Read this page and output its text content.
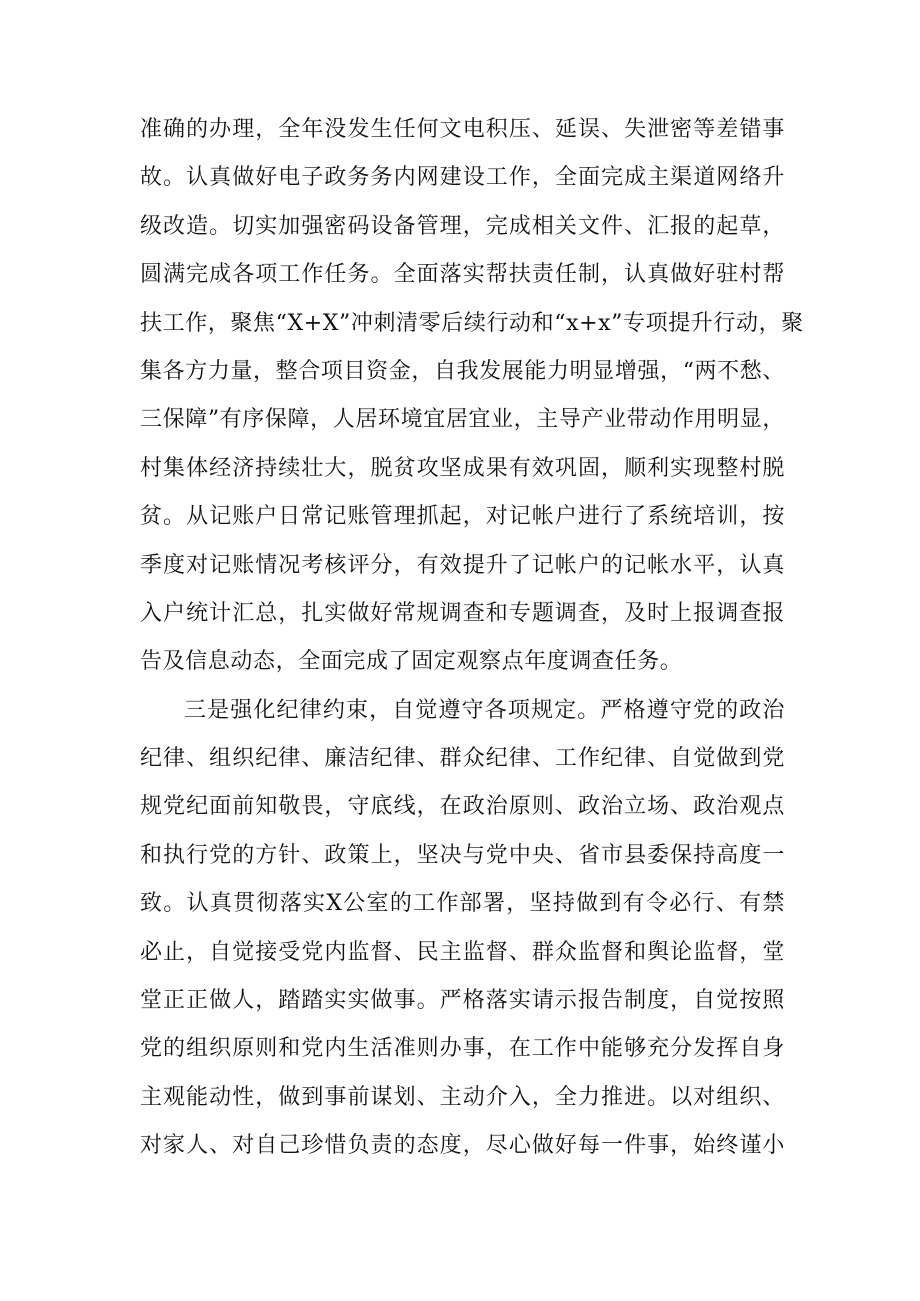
准确的办理，全年没发生任何文电积压、延误、失泄密等差错事
故。认真做好电子政务务内网建设工作，全面完成主渠道网络升
级改造。切实加强密码设备管理，完成相关文件、汇报的起草，
圆满完成各项工作任务。全面落实帮扶责任制，认真做好驻村帮
扶工作，聚焦“X+X”冲刺清零后续行动和“x+x”专项提升行动，聚
集各方力量，整合项目资金，自我发展能力明显增强，“两不愁、
三保障”有序保障，人居环境宜居宜业，主导产业带动作用明显，
村集体经济持续壮大，脱贫攻坚成果有效巩固，顺利实现整村脱
贫。从记账户日常记账管理抓起，对记帐户进行了系统培训，按
季度对记账情况考核评分，有效提升了记帐户的记帐水平，认真
入户统计汇总，扎实做好常规调查和专题调查，及时上报调查报
告及信息动态，全面完成了固定观察点年度调查任务。
三是强化纪律约束，自觉遵守各项规定。严格遵守党的政治
纪律、组织纪律、廉洁纪律、群众纪律、工作纪律、自觉做到党
规党纪面前知敬畏，守底线，在政治原则、政治立场、政治观点
和执行党的方针、政策上，坚决与党中央、省市县委保持高度一
致。认真贯彻落实X公室的工作部署，坚持做到有令必行、有禁
必止，自觉接受党内监督、民主监督、群众监督和舆论监督，堂
堂正正做人，踏踏实实做事。严格落实请示报告制度，自觉按照
党的组织原则和党内生活准则办事，在工作中能够充分发挥自身
主观能动性，做到事前谋划、主动介入，全力推进。以对组织、
对家人、对自己珍惜负责的态度，尽心做好每一件事，始终谨小
